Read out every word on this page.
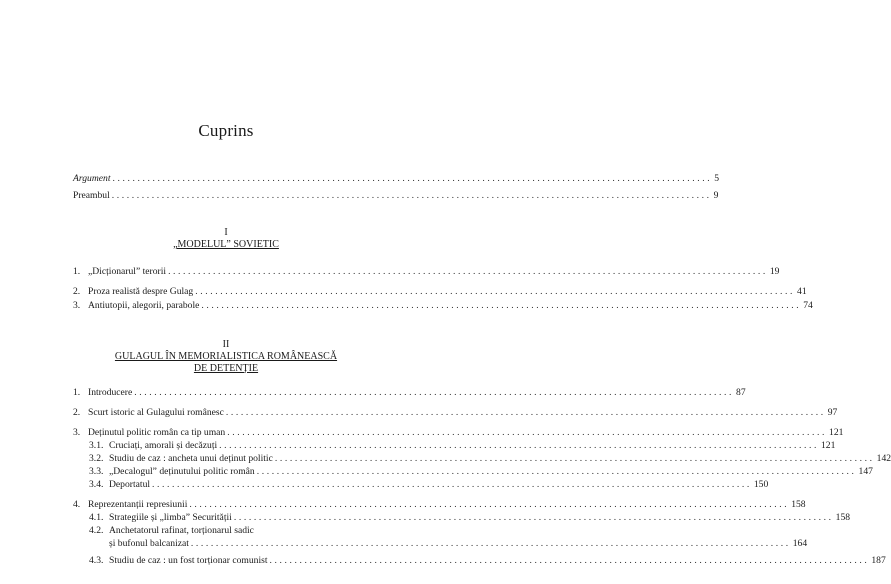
Cuprins
Argument ........................................................................................................................ 5
Preambul ........................................................................................................................ 9
I
„MODELUL” SOVIETIC
1. „Dicționarul” terorii ........................................................................................................................ 19
2. Proza realistă despre Gulag ........................................................................................................................ 41
3. Antiutopii, alegorii, parabole ........................................................................................................................ 74
II
GULAGUL ÎN MEMORIALISTICA ROMÂNEASCĂ
DE DETENȚIE
1. Introducere ........................................................................................................................ 87
2. Scurt istoric al Gulagului românesc ........................................................................................................................ 97
3. Deținutul politic român ca tip uman ........................................................................................................................ 121
3.1. Cruciați, amorali și decăzuți ........................................................................................................................ 121
3.2. Studiu de caz : ancheta unui deținut politic ........................................................................................................................ 142
3.3. „Decalogul” deținutului politic român ........................................................................................................................ 147
3.4. Deportatul ........................................................................................................................ 150
4. Reprezentanții represiunii ........................................................................................................................ 158
4.1. Strategiile și „limba” Securității ........................................................................................................................ 158
4.2. Anchetatorul rafinat, torționarul sadic
și bufonul balcanizat ........................................................................................................................ 164
4.3. Studiu de caz : un fost torționar comunist ........................................................................................................................ 187
